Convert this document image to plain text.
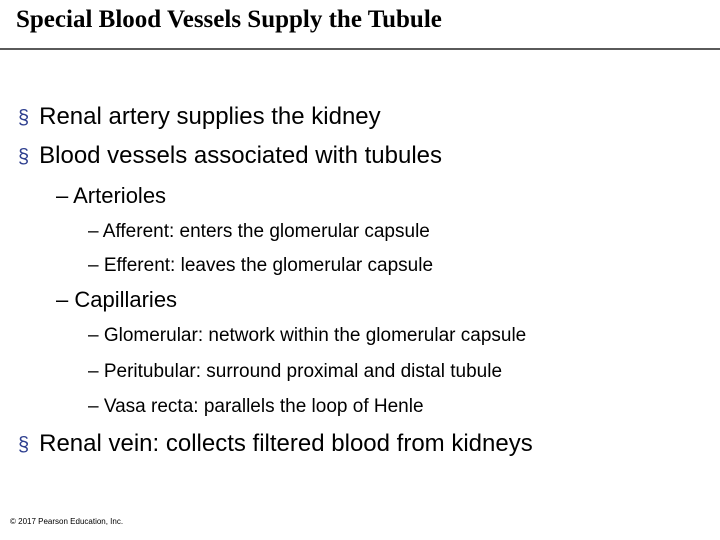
Special Blood Vessels Supply the Tubule
§ Renal artery supplies the kidney
§ Blood vessels associated with tubules
– Arterioles
– Afferent: enters the glomerular capsule
– Efferent: leaves the glomerular capsule
– Capillaries
– Glomerular: network within the glomerular capsule
– Peritubular: surround proximal and distal tubule
– Vasa recta: parallels the loop of Henle
§ Renal vein: collects filtered blood from kidneys
© 2017 Pearson Education, Inc.
